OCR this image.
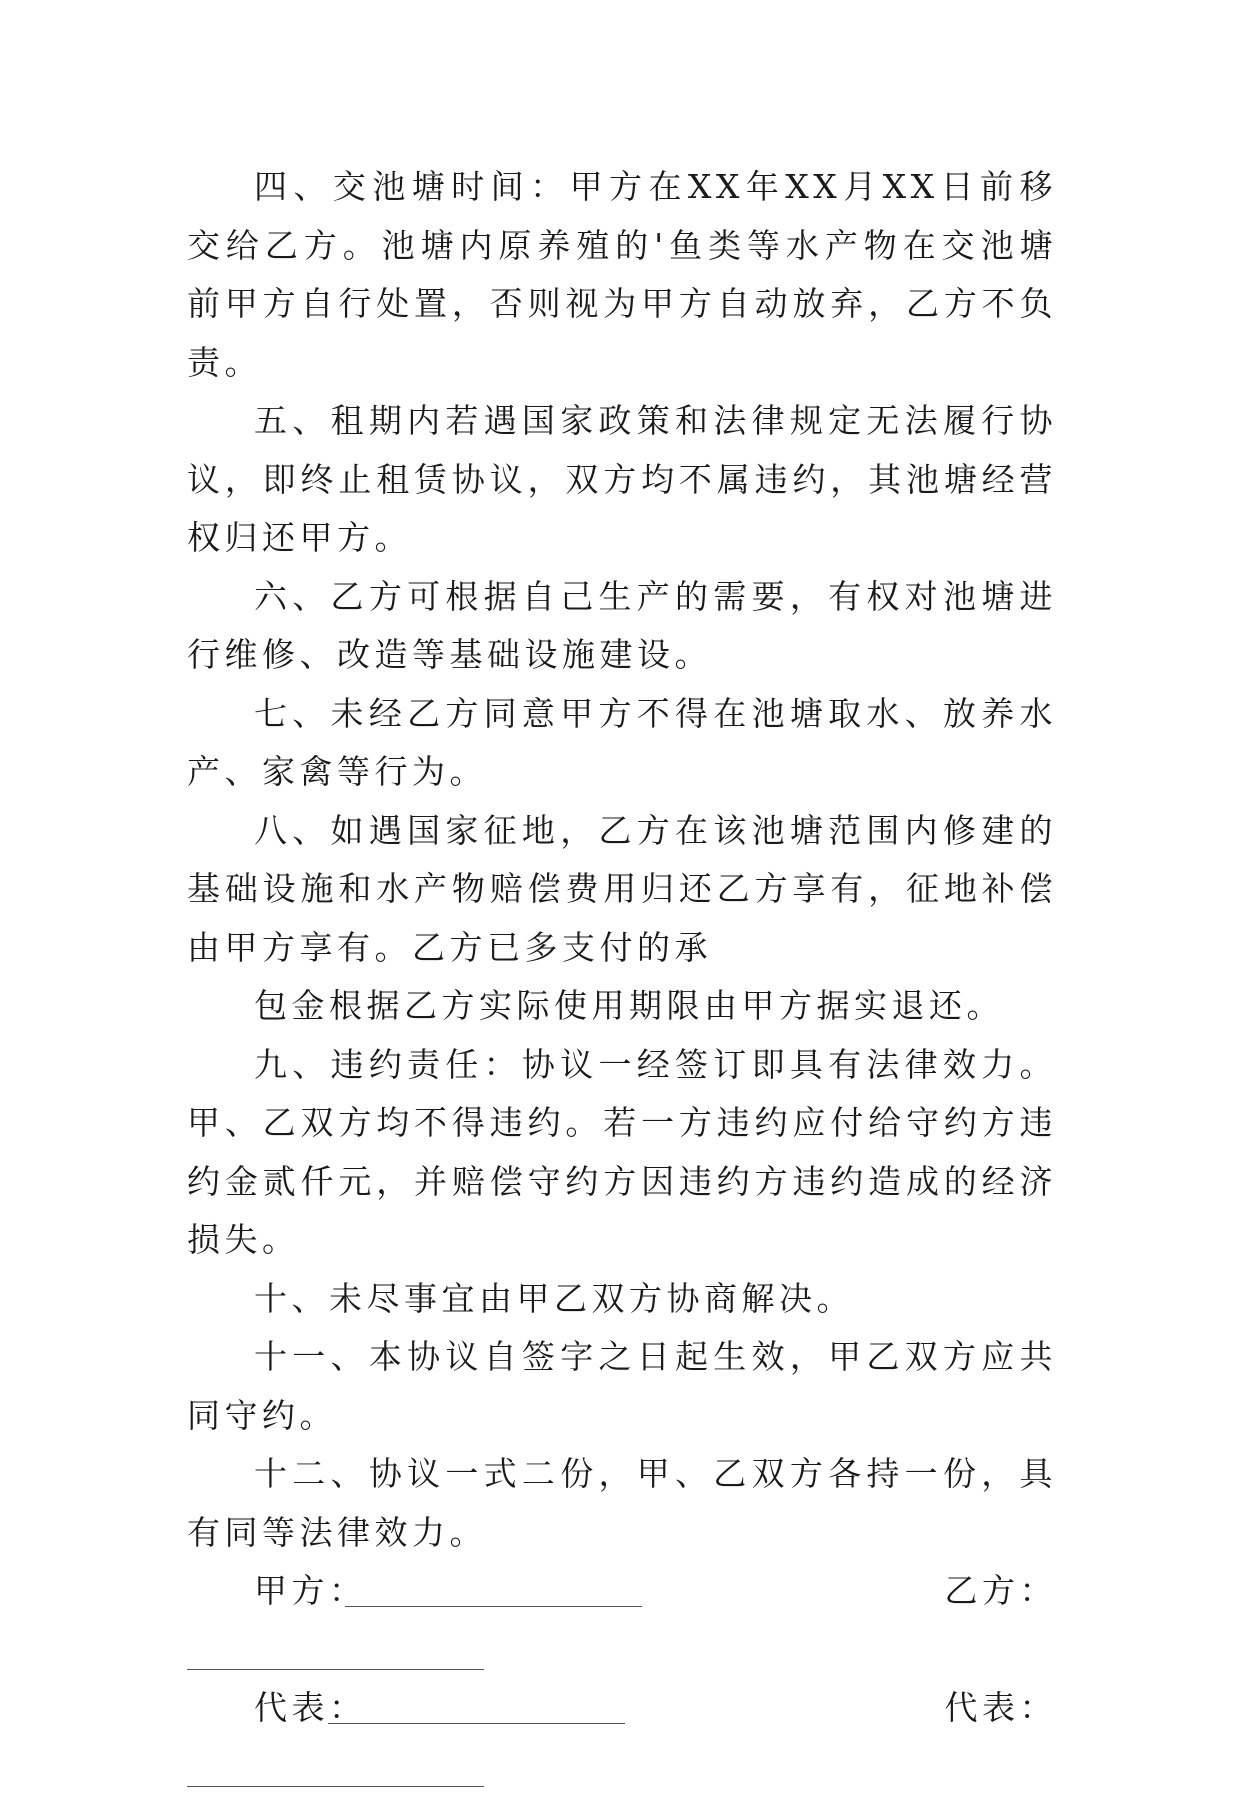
四、交池塘时间：甲方在XX年XX月XX日前移交给乙方。池塘内原养殖的'鱼类等水产物在交池塘前甲方自行处置，否则视为甲方自动放弃，乙方不负责。

五、租期内若遇国家政策和法律规定无法履行协议，即终止租赁协议，双方均不属违约，其池塘经营权归还甲方。

六、乙方可根据自己生产的需要，有权对池塘进行维修、改造等基础设施建设。

七、未经乙方同意甲方不得在池塘取水、放养水产、家禽等行为。

八、如遇国家征地，乙方在该池塘范围内修建的基础设施和水产物赔偿费用归还乙方享有，征地补偿由甲方享有。乙方已多支付的承

包金根据乙方实际使用期限由甲方据实退还。

九、违约责任：协议一经签订即具有法律效力。甲、乙双方均不得违约。若一方违约应付给守约方违约金贰仟元，并赔偿守约方因违约方违约造成的经济损失。

十、未尽事宜由甲乙双方协商解决。

十一、本协议自签字之日起生效，甲乙双方应共同守约。

十二、协议一式二份，甲、乙双方各持一份，具有同等法律效力。

甲方：	乙方：
代表：	代表：
